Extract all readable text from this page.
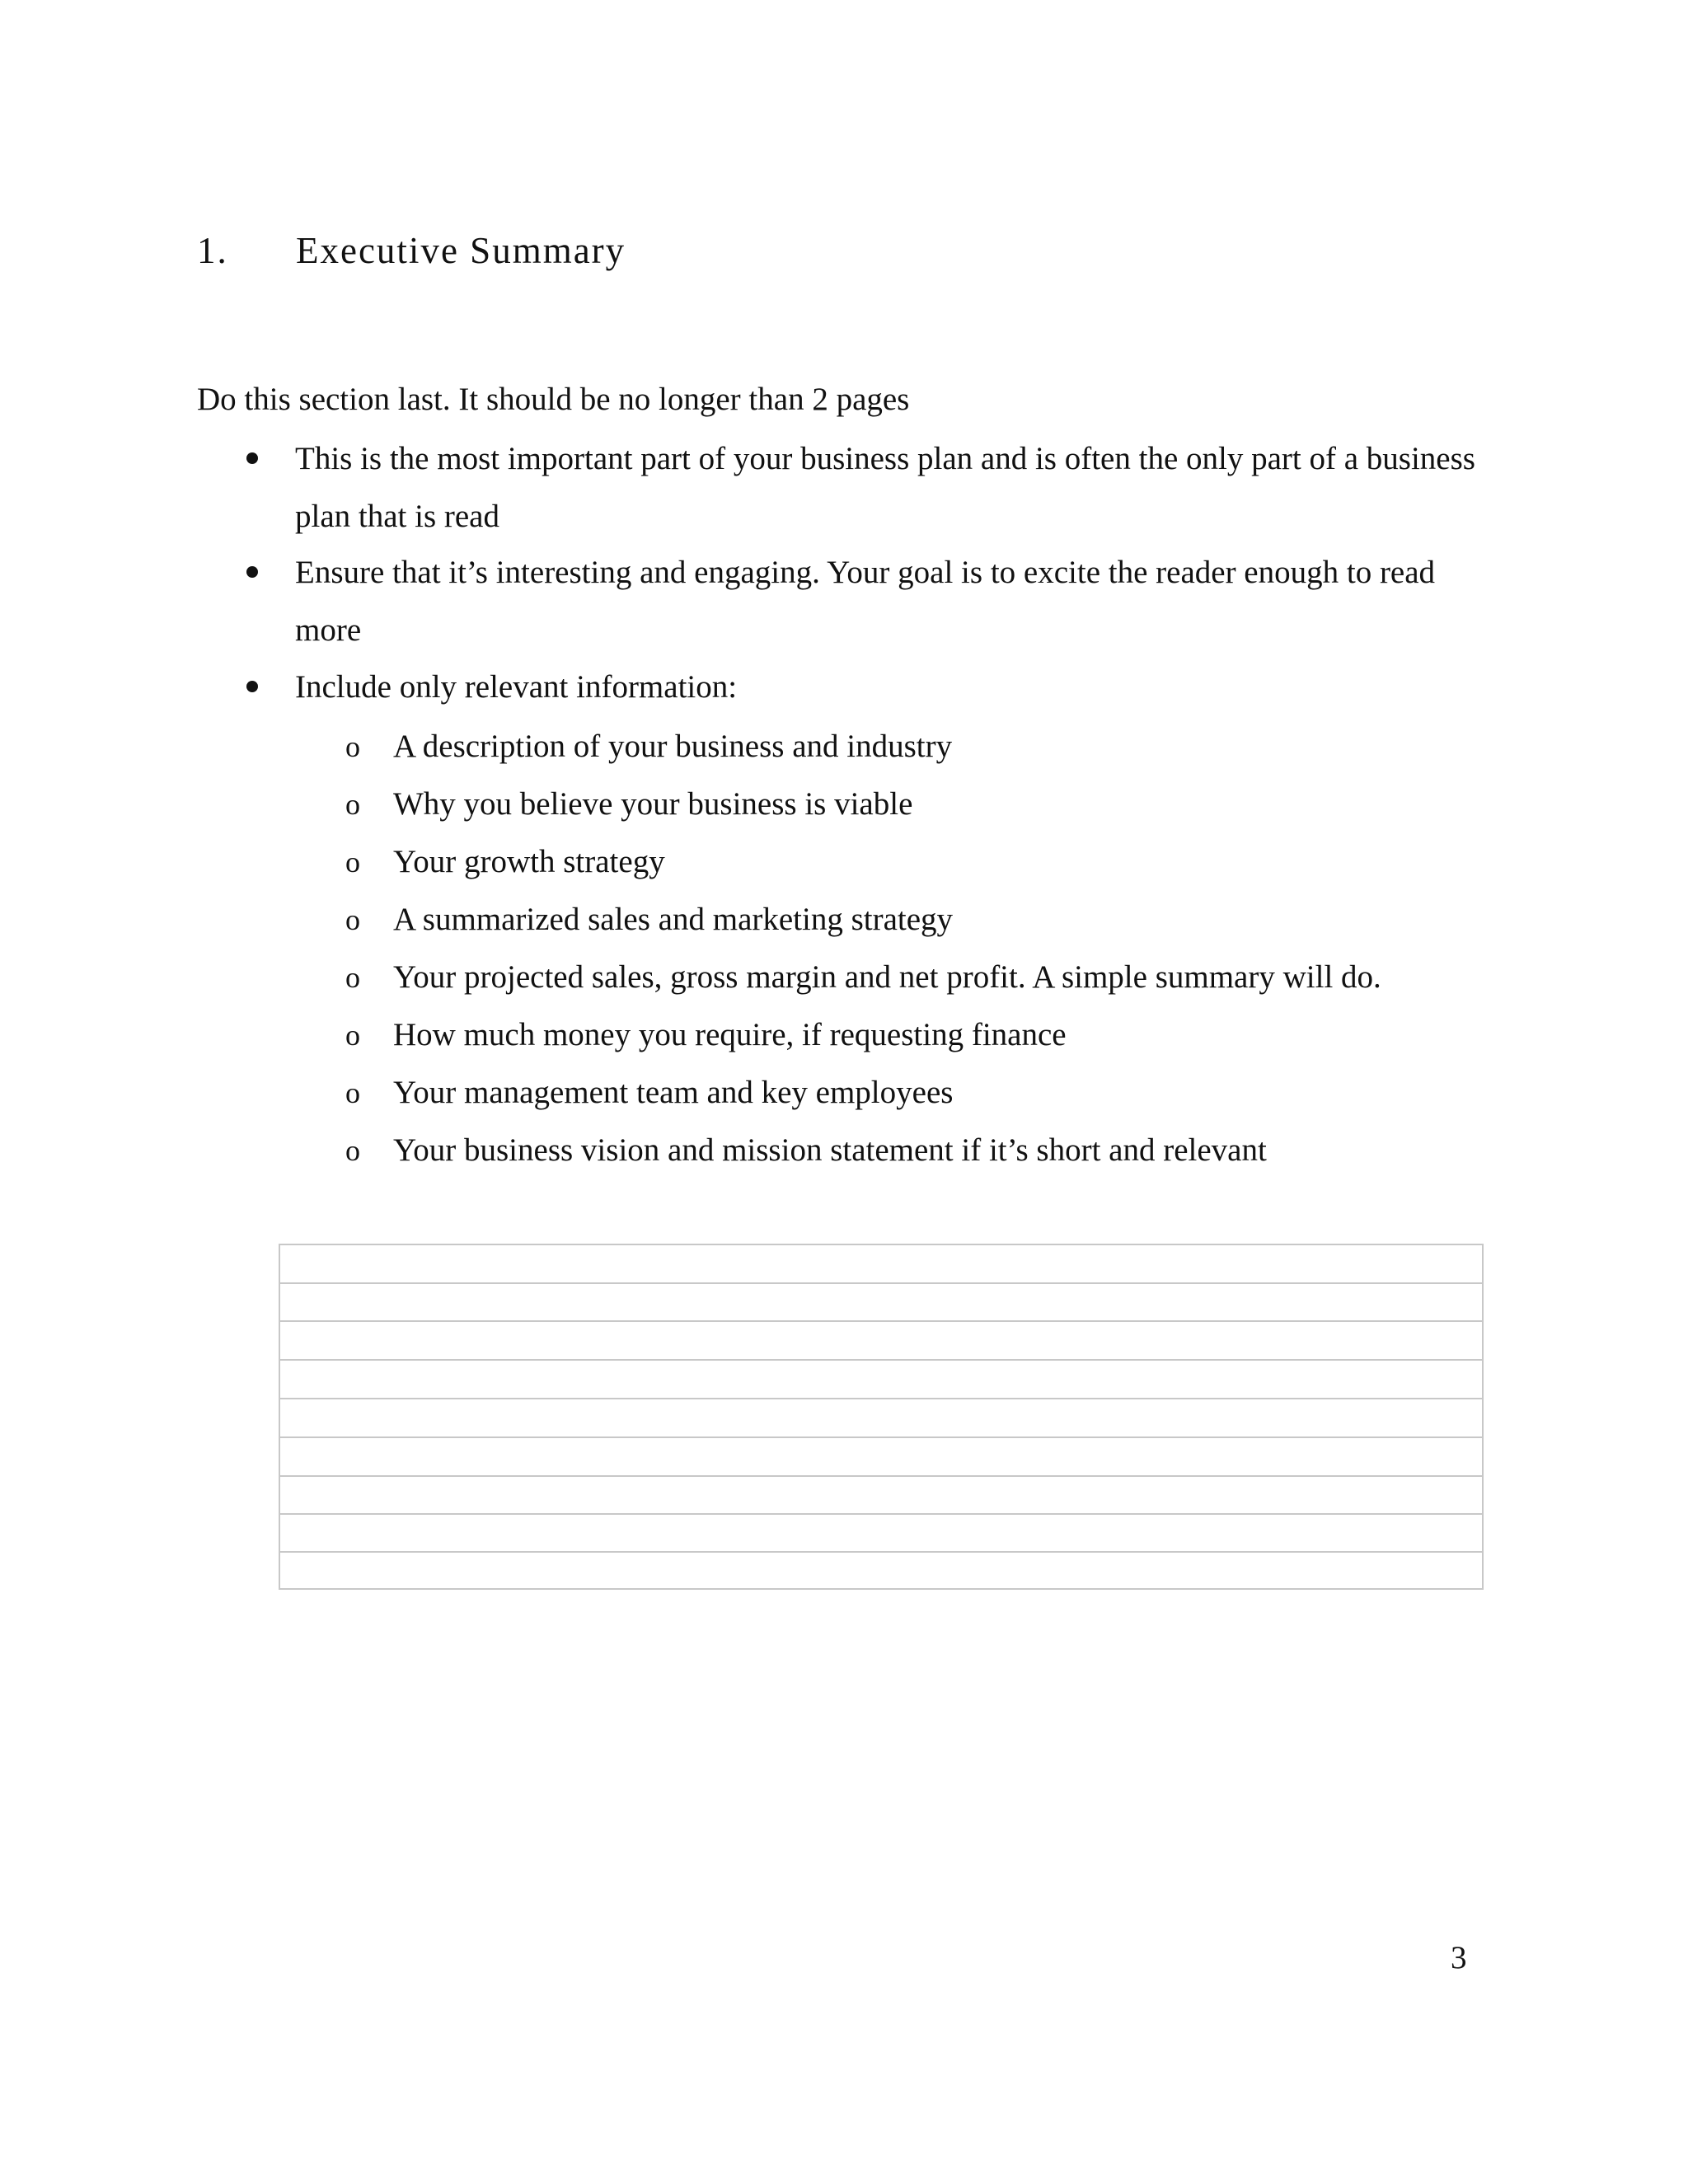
1. Executive Summary
Do this section last. It should be no longer than 2 pages
This is the most important part of your business plan and is often the only part of a business plan that is read
Ensure that it’s interesting and engaging. Your goal is to excite the reader enough to read more
Include only relevant information:
o A description of your business and industry
o Why you believe your business is viable
o Your growth strategy
o A summarized sales and marketing strategy
o Your projected sales, gross margin and net profit. A simple summary will do.
o How much money you require, if requesting finance
o Your management team and key employees
o Your business vision and mission statement if it’s short and relevant
3
